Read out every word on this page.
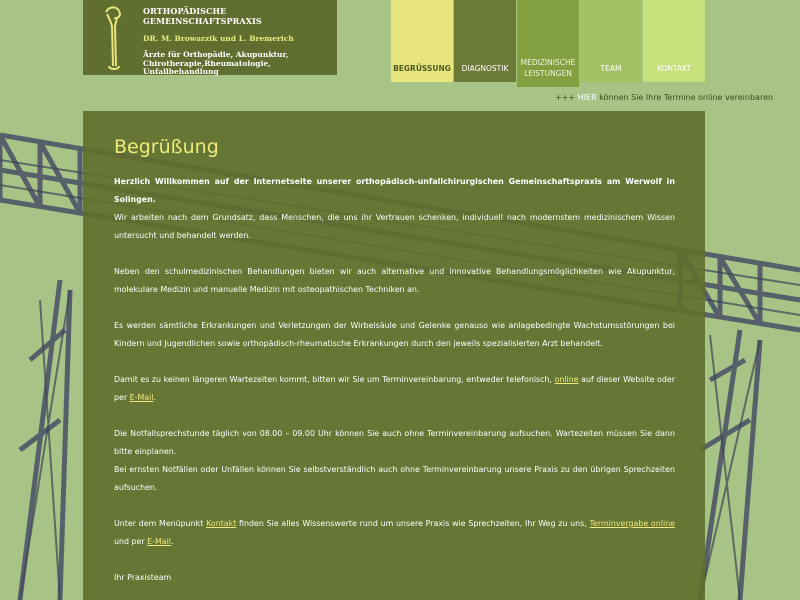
ORTHOPÄDISCHE GEMEINSCHAFTSPRAXIS
DR. M. Browarzik und L. Bremerich
Ärzte für Orthopädie, Akupunktur, Chirotherapie,Rheumatologie, Unfallbehandlung	BEGRÜSSUNG DIAGNOSTIK
MEDIZINISCHE LEISTUNGEN
TEAM	KONTAKT
+++ HIER können Sie Ihre Termine online vereinbaren
Begrüßung
Herzlich Willkommen auf der Internetseite unserer orthopädisch-unfallchirurgischen Gemeinschaftspraxis am Werwolf in Solingen.

Wir arbeiten nach dem Grundsatz, dass Menschen, die uns ihr Vertrauen schenken, individuell nach modernstem medizinischem Wissen untersucht und behandelt werden.

Neben den schulmedizinischen Behandlungen bieten wir auch alternative und innovative Behandlungsmöglichkeiten wie Akupunktur, molekulare Medizin und manuelle Medizin mit osteopathischen Techniken an.

Es werden sämtliche Erkrankungen und Verletzungen der Wirbelsäule und Gelenke genauso wie anlagebedingte Wachstumsstörungen bei Kindern und Jugendlichen sowie orthopädisch-rheumatische Erkrankungen durch den jeweils spezialisierten Arzt behandelt.

Damit es zu keinen längeren Wartezeiten kommt, bitten wir Sie um Terminvereinbarung, entweder telefonisch, online auf dieser Website oder per E-Mail.

Die Notfallsprechstunde täglich von 08.00 – 09.00 Uhr können Sie auch ohne Terminvereinbarung aufsuchen. Wartezeiten müssen Sie dann bitte einplanen.

Bei ernsten Notfällen oder Unfällen können Sie selbstverständlich auch ohne Terminvereinbarung unsere Praxis zu den übrigen Sprechzeiten aufsuchen.

Unter dem Menüpunkt Kontakt finden Sie alles Wissenswerte rund um unsere Praxis wie Sprechzeiten, Ihr Weg zu uns, Terminvergabe online und per E-Mail.

Ihr Praxisteam
